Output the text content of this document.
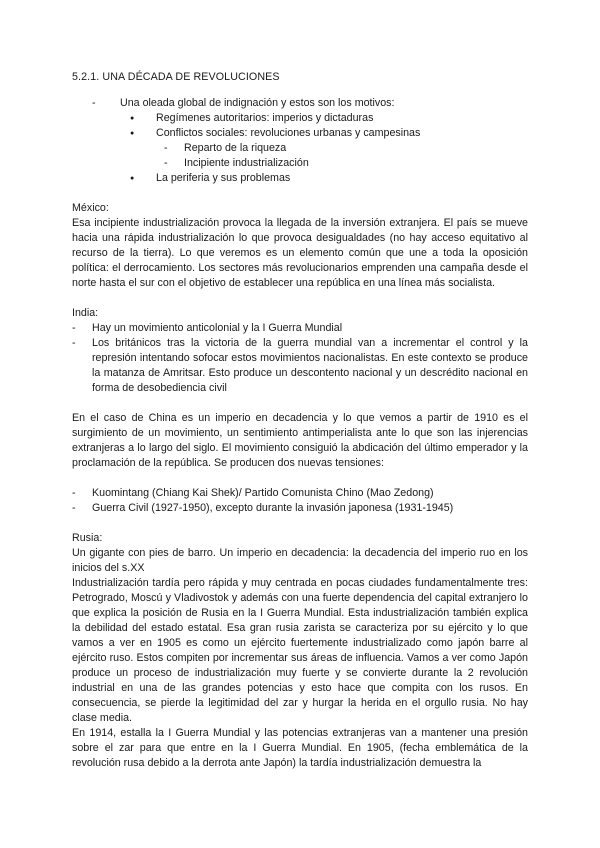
5.2.1. UNA DÉCADA DE REVOLUCIONES
- Una oleada global de indignación y estos son los motivos:
● Regímenes autoritarios: imperios y dictaduras
● Conflictos sociales: revoluciones urbanas y campesinas
- Reparto de la riqueza
- Incipiente industrialización
● La periferia y sus problemas
México:
Esa incipiente industrialización provoca la llegada de la inversión extranjera. El país se mueve hacia una rápida industrialización lo que provoca desigualdades (no hay acceso equitativo al recurso de la tierra). Lo que veremos es un elemento común que une a toda la oposición política: el derrocamiento. Los sectores más revolucionarios emprenden una campaña desde el norte hasta el sur con el objetivo de establecer una república en una línea más socialista.
India:
- Hay un movimiento anticolonial y la I Guerra Mundial
- Los británicos tras la victoria de la guerra mundial van a incrementar el control y la represión intentando sofocar estos movimientos nacionalistas. En este contexto se produce la matanza de Amritsar. Esto produce un descontento nacional y un descrédito nacional en forma de desobediencia civil
En el caso de China es un imperio en decadencia y lo que vemos a partir de 1910 es el surgimiento de un movimiento, un sentimiento antimperialista ante lo que son las injerencias extranjeras a lo largo del siglo. El movimiento consiguió la abdicación del último emperador y la proclamación de la república. Se producen dos nuevas tensiones:
- Kuomintang (Chiang Kai Shek)/ Partido Comunista Chino (Mao Zedong)
- Guerra Civil (1927-1950), excepto durante la invasión japonesa (1931-1945)
Rusia:
Un gigante con pies de barro. Un imperio en decadencia: la decadencia del imperio ruo en los inicios del s.XX
Industrialización tardía pero rápida y muy centrada en pocas ciudades fundamentalmente tres: Petrogrado, Moscú y Vladivostok y además con una fuerte dependencia del capital extranjero lo que explica la posición de Rusia en la I Guerra Mundial. Esta industrialización también explica la debilidad del estado estatal. Esa gran rusia zarista se caracteriza por su ejército y lo que vamos a ver en 1905 es como un ejército fuertemente industrializado como japón barre al ejército ruso. Estos compiten por incrementar sus áreas de influencia. Vamos a ver como Japón produce un proceso de industrialización muy fuerte y se convierte durante la 2 revolución industrial en una de las grandes potencias y esto hace que compita con los rusos. En consecuencia, se pierde la legitimidad del zar y hurgar la herida en el orgullo rusia. No hay clase media.
En 1914, estalla la I Guerra Mundial y las potencias extranjeras van a mantener una presión sobre el zar para que entre en la I Guerra Mundial. En 1905, (fecha emblemática de la revolución rusa debido a la derrota ante Japón) la tardía industrialización demuestra la
